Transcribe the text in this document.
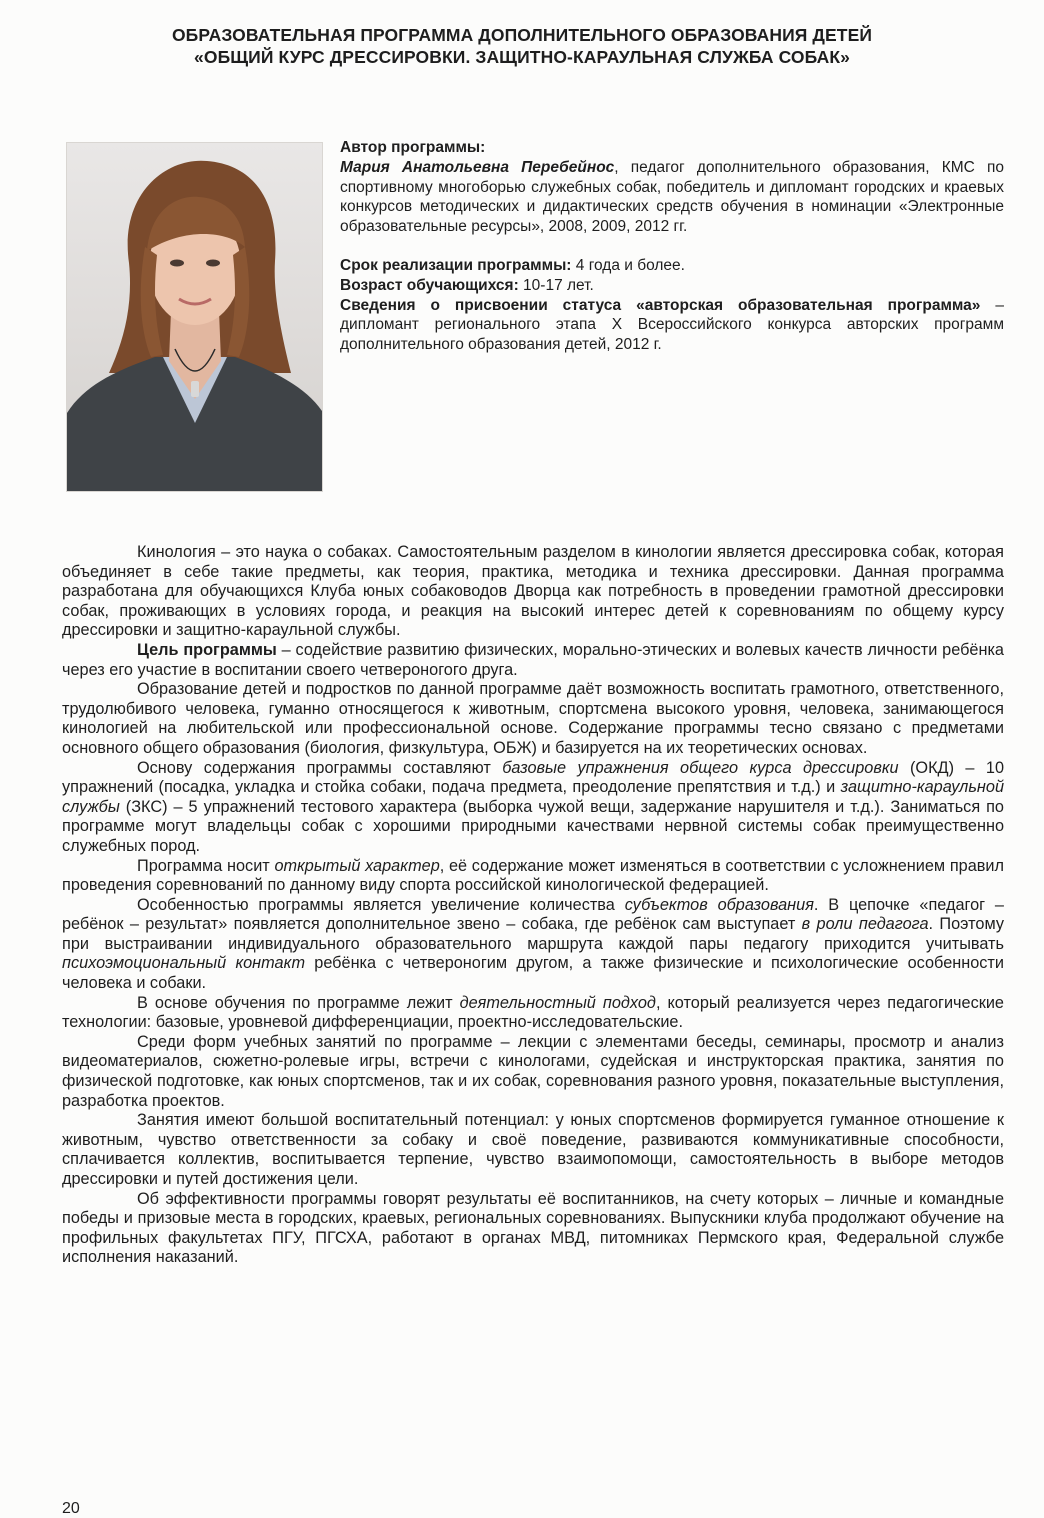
ОБРАЗОВАТЕЛЬНАЯ ПРОГРАММА ДОПОЛНИТЕЛЬНОГО ОБРАЗОВАНИЯ ДЕТЕЙ
«ОБЩИЙ КУРС ДРЕССИРОВКИ. ЗАЩИТНО-КАРАУЛЬНАЯ СЛУЖБА СОБАК»

Автор программы:

Мария Анатольевна Перебейнос, педагог дополнительного образования, КМС по спортивному многоборью служебных собак, победитель и дипломант городских и краевых конкурсов методических и дидактических средств обучения в номинации «Электронные образовательные ресурсы», 2008, 2009, 2012 гг.

Срок реализации программы: 4 года и более.

Возраст обучающихся: 10-17 лет.

Сведения о присвоении статуса «авторская образовательная программа» – дипломант регионального этапа X Всероссийского конкурса авторских программ дополнительного образования детей, 2012 г.

Кинология – это наука о собаках. Самостоятельным разделом в кинологии является дрессировка собак, которая объединяет в себе такие предметы, как теория, практика, методика и техника дрессировки. Данная программа разработана для обучающихся Клуба юных собаководов Дворца как потребность в проведении грамотной дрессировки собак, проживающих в условиях города, и реакция на высокий интерес детей к соревнованиям по общему курсу дрессировки и защитно-караульной службы.

Цель программы – содействие развитию физических, морально-этических и волевых качеств личности ребёнка через его участие в воспитании своего четвероногого друга.

Образование детей и подростков по данной программе даёт возможность воспитать грамотного, ответственного, трудолюбивого человека, гуманно относящегося к животным, спортсмена высокого уровня, человека, занимающегося кинологией на любительской или профессиональной основе. Содержание программы тесно связано с предметами основного общего образования (биология, физкультура, ОБЖ) и базируется на их теоретических основах.

Основу содержания программы составляют базовые упражнения общего курса дрессировки (ОКД) – 10 упражнений (посадка, укладка и стойка собаки, подача предмета, преодоление препятствия и т.д.) и защитно-караульной службы (ЗКС) – 5 упражнений тестового характера (выборка чужой вещи, задержание нарушителя и т.д.). Заниматься по программе могут владельцы собак с хорошими природными качествами нервной системы собак преимущественно служебных пород.

Программа носит открытый характер, её содержание может изменяться в соответствии с усложнением правил проведения соревнований по данному виду спорта российской кинологической федерацией.

Особенностью программы является увеличение количества субъектов образования. В цепочке «педагог – ребёнок – результат» появляется дополнительное звено – собака, где ребёнок сам выступает в роли педагога. Поэтому при выстраивании индивидуального образовательного маршрута каждой пары педагогу приходится учитывать психоэмоциональный контакт ребёнка с четвероногим другом, а также физические и психологические особенности человека и собаки.

В основе обучения по программе лежит деятельностный подход, который реализуется через педагогические технологии: базовые, уровневой дифференциации, проектно-исследовательские.

Среди форм учебных занятий по программе – лекции с элементами беседы, семинары, просмотр и анализ видеоматериалов, сюжетно-ролевые игры, встречи с кинологами, судейская и инструкторская практика, занятия по физической подготовке, как юных спортсменов, так и их собак, соревнования разного уровня, показательные выступления, разработка проектов.

Занятия имеют большой воспитательный потенциал: у юных спортсменов формируется гуманное отношение к животным, чувство ответственности за собаку и своё поведение, развиваются коммуникативные способности, сплачивается коллектив, воспитывается терпение, чувство взаимопомощи, самостоятельность в выборе методов дрессировки и путей достижения цели.

Об эффективности программы говорят результаты её воспитанников, на счету которых – личные и командные победы и призовые места в городских, краевых, региональных соревнованиях. Выпускники клуба продолжают обучение на профильных факультетах ПГУ, ПГСХА, работают в органах МВД, питомниках Пермского края, Федеральной службе исполнения наказаний.

20
